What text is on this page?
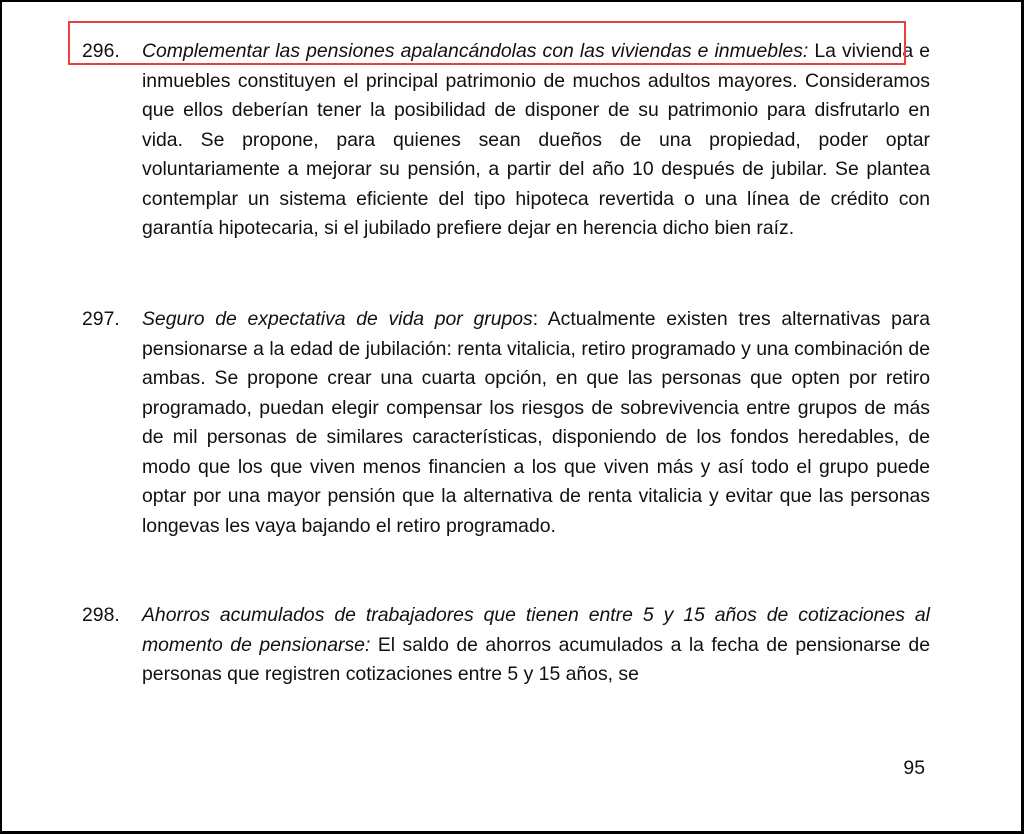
296. Complementar las pensiones apalancándolas con las viviendas e inmuebles: La vivienda e inmuebles constituyen el principal patrimonio de muchos adultos mayores. Consideramos que ellos deberían tener la posibilidad de disponer de su patrimonio para disfrutarlo en vida. Se propone, para quienes sean dueños de una propiedad, poder optar voluntariamente a mejorar su pensión, a partir del año 10 después de jubilar. Se plantea contemplar un sistema eficiente del tipo hipoteca revertida o una línea de crédito con garantía hipotecaria, si el jubilado prefiere dejar en herencia dicho bien raíz.
297. Seguro de expectativa de vida por grupos: Actualmente existen tres alternativas para pensionarse a la edad de jubilación: renta vitalicia, retiro programado y una combinación de ambas. Se propone crear una cuarta opción, en que las personas que opten por retiro programado, puedan elegir compensar los riesgos de sobrevivencia entre grupos de más de mil personas de similares características, disponiendo de los fondos heredables, de modo que los que viven menos financien a los que viven más y así todo el grupo puede optar por una mayor pensión que la alternativa de renta vitalicia y evitar que las personas longevas les vaya bajando el retiro programado.
298. Ahorros acumulados de trabajadores que tienen entre 5 y 15 años de cotizaciones al momento de pensionarse: El saldo de ahorros acumulados a la fecha de pensionarse de personas que registren cotizaciones entre 5 y 15 años, se
95
